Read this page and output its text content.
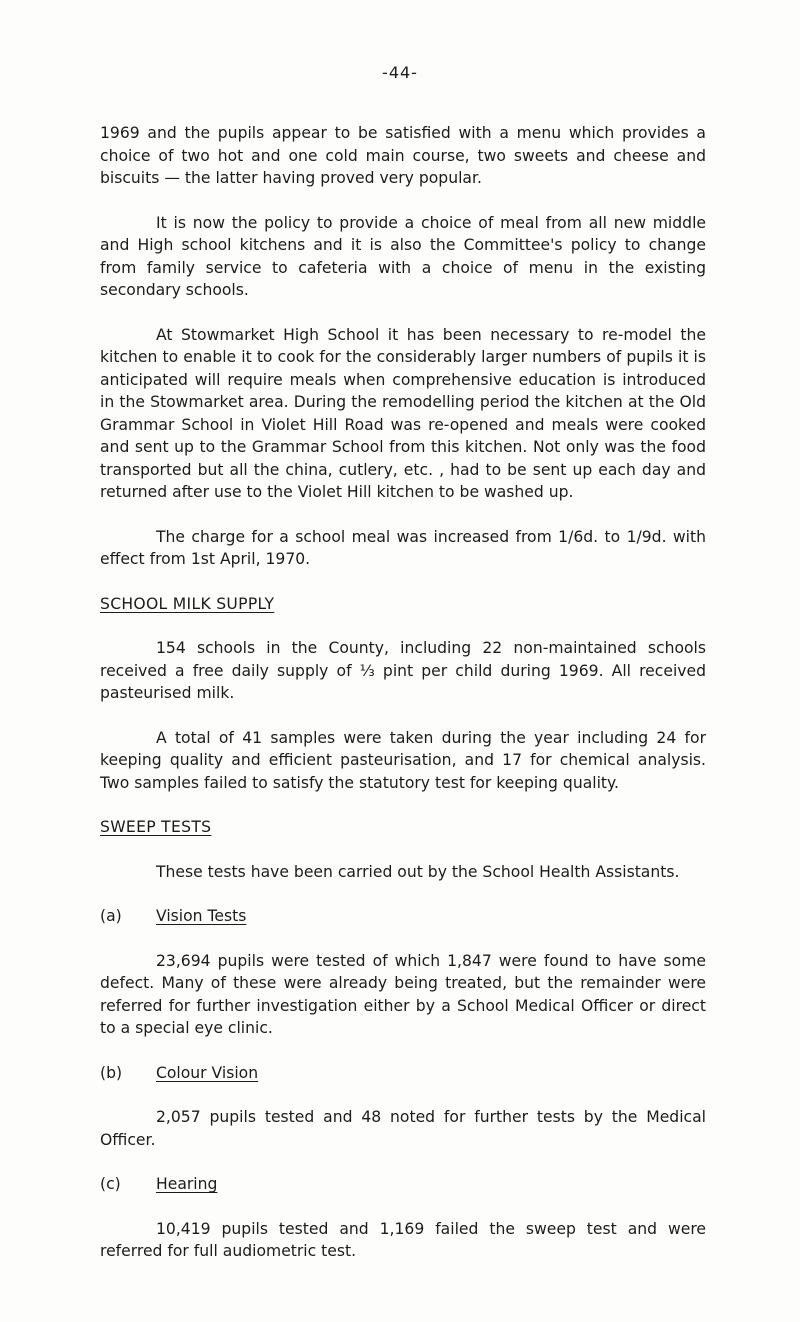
-44-

1969 and the pupils appear to be satisfied with a menu which provides a choice of two hot and one cold main course, two sweets and cheese and biscuits — the latter having proved very popular.

It is now the policy to provide a choice of meal from all new middle and High school kitchens and it is also the Committee's policy to change from family service to cafeteria with a choice of menu in the existing secondary schools.

At Stowmarket High School it has been necessary to re-model the kitchen to enable it to cook for the considerably larger numbers of pupils it is anticipated will require meals when comprehensive education is introduced in the Stowmarket area. During the remodelling period the kitchen at the Old Grammar School in Violet Hill Road was re-opened and meals were cooked and sent up to the Grammar School from this kitchen. Not only was the food transported but all the china, cutlery, etc. , had to be sent up each day and returned after use to the Violet Hill kitchen to be washed up.

The charge for a school meal was increased from 1/6d. to 1/9d. with effect from 1st April, 1970.

SCHOOL MILK SUPPLY

154 schools in the County, including 22 non-maintained schools received a free daily supply of ⅓ pint per child during 1969. All received pasteurised milk.

A total of 41 samples were taken during the year including 24 for keeping quality and efficient pasteurisation, and 17 for chemical analysis. Two samples failed to satisfy the statutory test for keeping quality.

SWEEP TESTS

These tests have been carried out by the School Health Assistants.

(a) Vision Tests

23,694 pupils were tested of which 1,847 were found to have some defect. Many of these were already being treated, but the remainder were referred for further investigation either by a School Medical Officer or direct to a special eye clinic.

(b) Colour Vision

2,057 pupils tested and 48 noted for further tests by the Medical Officer.

(c) Hearing

10,419 pupils tested and 1,169 failed the sweep test and were referred for full audiometric test.
